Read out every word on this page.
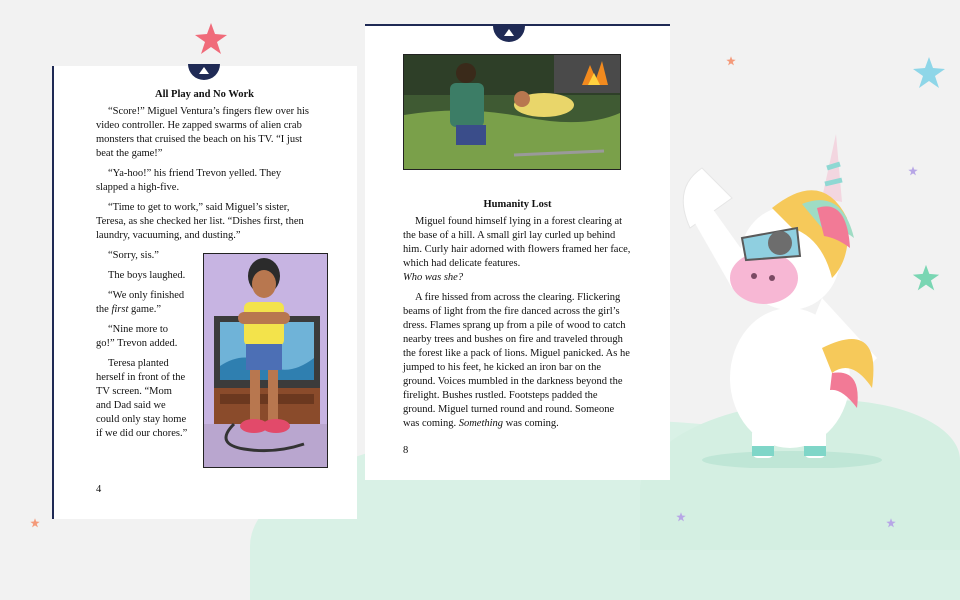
All Play and No Work

“Score!” Miguel Ventura’s fingers flew over his video controller. He zapped swarms of alien crab monsters that cruised the beach on his TV. “I just beat the game!”

“Ya-hoo!” his friend Trevon yelled. They slapped a high-five.

“Time to get to work,” said Miguel’s sister, Teresa, as she checked her list. “Dishes first, then laundry, vacuuming, and dusting.”

“Sorry, sis.”

The boys laughed.

“We only finished the first game.”

“Nine more to go!” Trevon added.

Teresa planted herself in front of the TV screen. “Mom and Dad said we could only stay home if we did our chores.”

4
Humanity Lost

Miguel found himself lying in a forest clearing at the base of a hill. A small girl lay curled up behind him. Curly hair adorned with flowers framed her face, which had delicate features.

Who was she?

A fire hissed from across the clearing. Flickering beams of light from the fire danced across the girl’s dress. Flames sprang up from a pile of wood to catch nearby trees and bushes on fire and traveled through the forest like a pack of lions. Miguel panicked. As he jumped to his feet, he kicked an iron bar on the ground. Voices mumbled in the darkness beyond the firelight. Bushes rustled. Footsteps padded the ground. Miguel turned round and round. Someone was coming. Something was coming.

8
